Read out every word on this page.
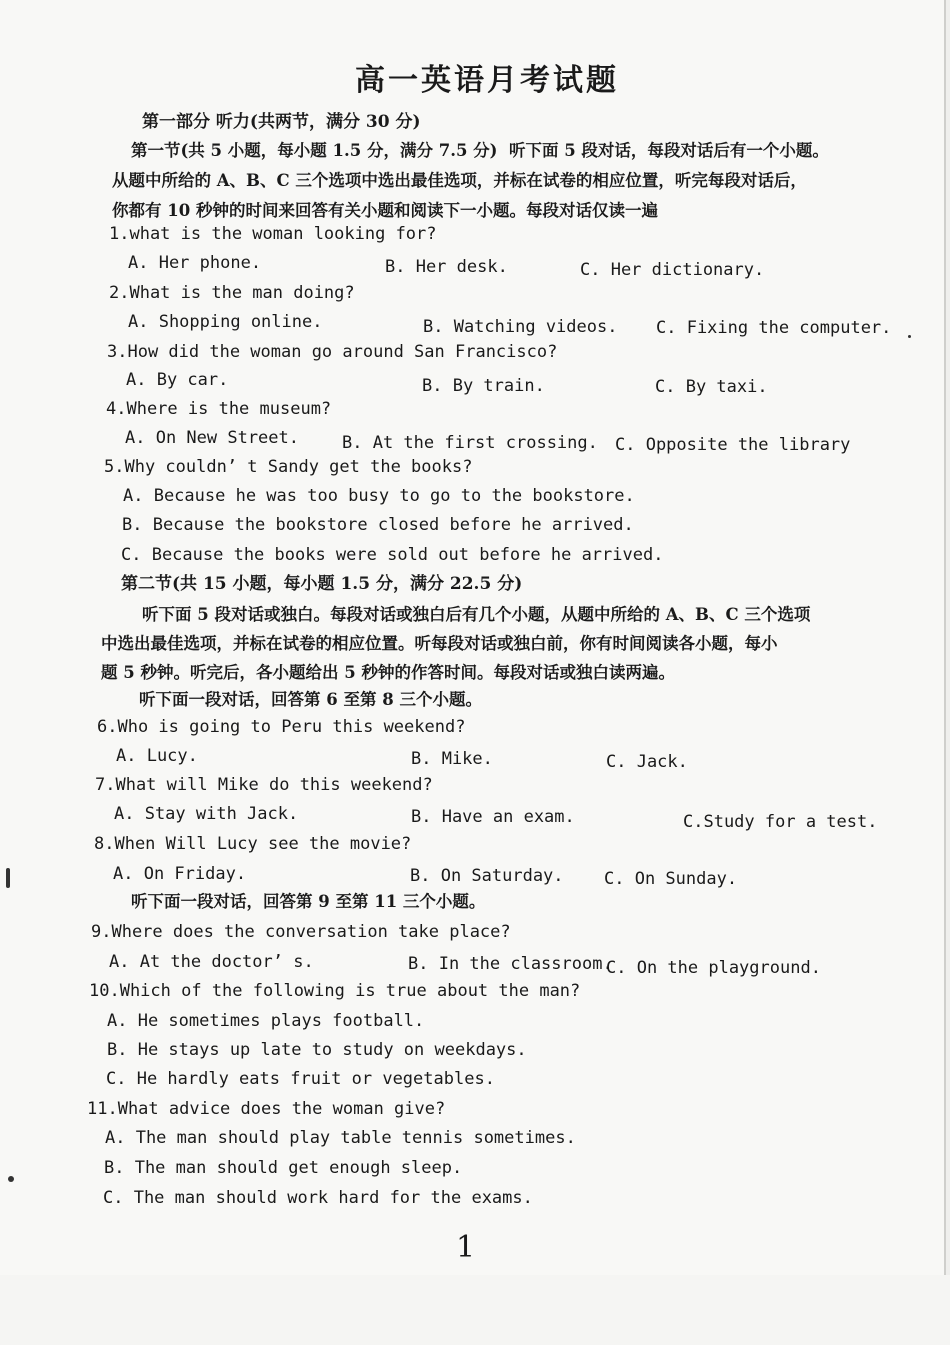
高一英语月考试题
第一部分 听力(共两节，满分 30 分)
第一节(共 5 小题，每小题 1.5 分，满分 7.5 分)  听下面 5 段对话，每段对话后有一个小题。
从题中所给的 A、B、C 三个选项中选出最佳选项，并标在试卷的相应位置，听完每段对话后，
你都有 10 秒钟的时间来回答有关小题和阅读下一小题。每段对话仅读一遍
1.what is the woman looking for?
A. Her phone.	B. Her desk.	C. Her dictionary.
2.What is the man doing?
A. Shopping online.	B. Watching videos. C. Fixing the computer.
3.How did the woman go around San Francisco?
A. By car.	B. By train.	C. By taxi.
4.Where is the museum?
A. On New Street.	B. At the first crossing. C. Opposite the library
5.Why couldn’ t Sandy get the books?
A. Because he was too busy to go to the bookstore.
B. Because the bookstore closed before he arrived.
C. Because the books were sold out before he arrived.
第二节(共 15 小题，每小题 1.5 分，满分 22.5 分)
听下面 5 段对话或独白。每段对话或独白后有几个小题，从题中所给的 A、B、C 三个选项
中选出最佳选项，并标在试卷的相应位置。听每段对话或独白前，你有时间阅读各小题，每小
题 5 秒钟。听完后，各小题给出 5 秒钟的作答时间。每段对话或独白读两遍。
听下面一段对话，回答第 6 至第 8 三个小题。
6.Who is going to Peru this weekend?
A. Lucy.	B. Mike.	C. Jack.
7.What will Mike do this weekend?
A. Stay with Jack.	B. Have an exam.	C.Study for a test.
8.When Will Lucy see the movie?
A. On Friday.	B. On Saturday. C. On Sunday.
听下面一段对话，回答第 9 至第 11 三个小题。
9.Where does the conversation take place?
A. At the doctor’ s.	B. In the classroom.
C. On the playground.
10.Which of the following is true about the man?
A. He sometimes plays football.
B. He stays up late to study on weekdays.
C. He hardly eats fruit or vegetables.
11.What advice does the woman give?
A. The man should play table tennis sometimes.
B. The man should get enough sleep.
C. The man should work hard for the exams.
1
